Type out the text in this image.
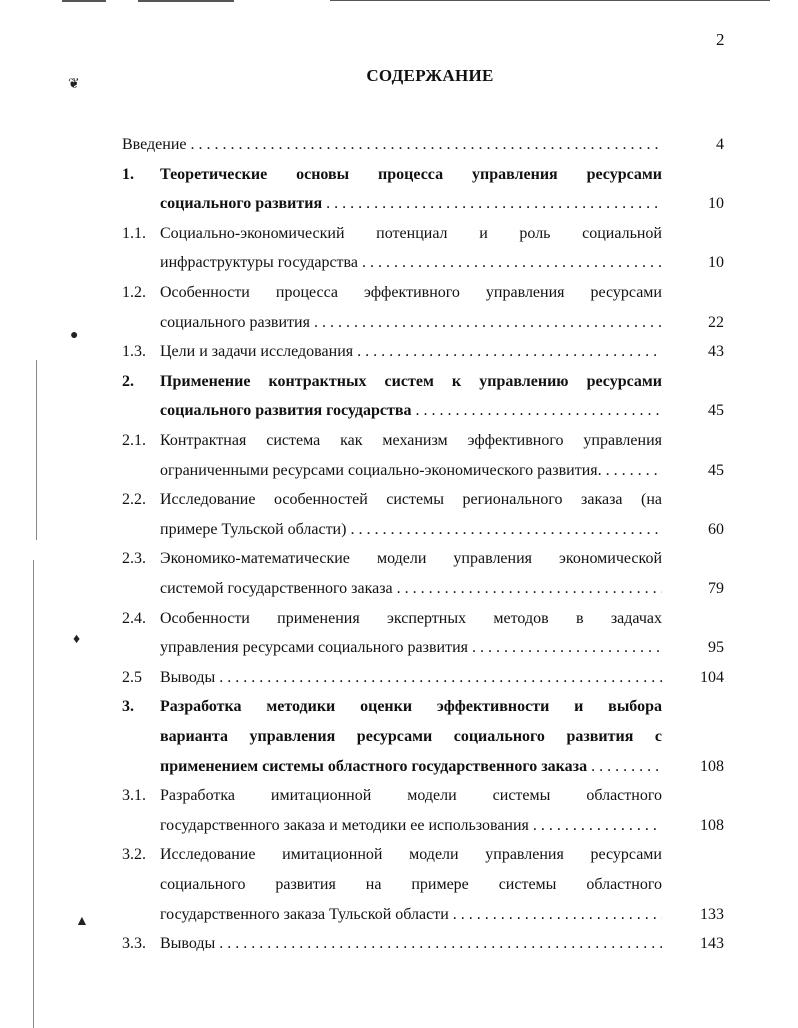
❦
●
♦
▲
2
СОДЕРЖАНИЕ
Введение . . .	4
1. Теоретические основы процесса управления ресурсами
социального развития . . .	10
1.1. Социально-экономический потенциал и роль социальной
инфраструктуры государства . . .	10
1.2. Особенности процесса эффективного управления ресурсами
социального развития . . .	22
1.3. Цели и задачи исследования . . .	43
2. Применение контрактных систем к управлению ресурсами
социального развития государства . . .	45
2.1. Контрактная система как механизм эффективного управления
ограниченными ресурсами социально-экономического развития. . . .	45
2.2. Исследование особенностей системы регионального заказа (на
примере Тульской области) . . .	60
2.3. Экономико-математические модели управления экономической
системой государственного заказа . . .	79
2.4. Особенности применения экспертных методов в задачах
управления ресурсами социального развития . . .	95
2.5 Выводы . . .	104
3. Разработка методики оценки эффективности и выбора
варианта управления ресурсами социального развития с
применением системы областного государственного заказа . . .	108
3.1. Разработка имитационной модели системы областного
государственного заказа и методики ее использования . . .	108
3.2. Исследование имитационной модели управления ресурсами
социального развития на примере системы областного
государственного заказа Тульской области . . .	133
3.3. Выводы . . .	143
